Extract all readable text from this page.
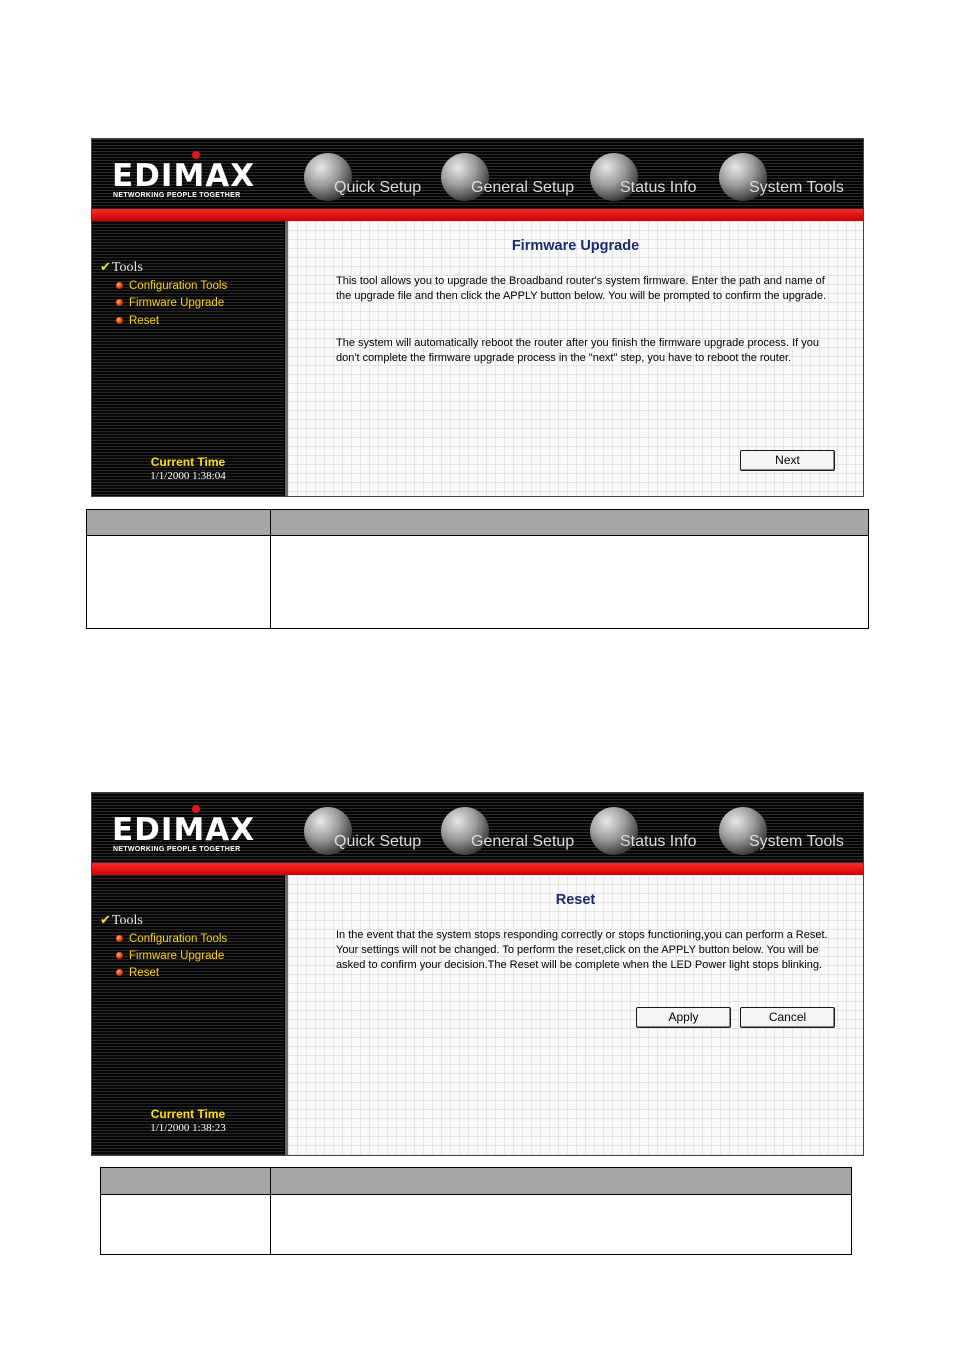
EDIMAX
NETWORKING PEOPLE TOGETHER	Quick Setup	General Setup	Status Info	System Tools
✔Tools
Configuration Tools
Firmware Upgrade
Reset
Current Time
1/1/2000 1:38:04
Firmware Upgrade
This tool allows you to upgrade the Broadband router's system firmware. Enter the path and name of the upgrade file and then click the APPLY button below. You will be prompted to confirm the upgrade.
The system will automatically reboot the router after you finish the firmware upgrade process. If you don't complete the firmware upgrade process in the "next" step, you have to reboot the router.
Next
EDIMAX
NETWORKING PEOPLE TOGETHER	Quick Setup	General Setup	Status Info	System Tools
✔Tools
Configuration Tools
Firmware Upgrade
Reset
Current Time
1/1/2000 1:38:23
Reset
In the event that the system stops responding correctly or stops functioning,you can perform a Reset. Your settings will not be changed. To perform the reset,click on the APPLY button below. You will be asked to confirm your decision.The Reset will be complete when the LED Power light stops blinking.
Apply	Cancel
